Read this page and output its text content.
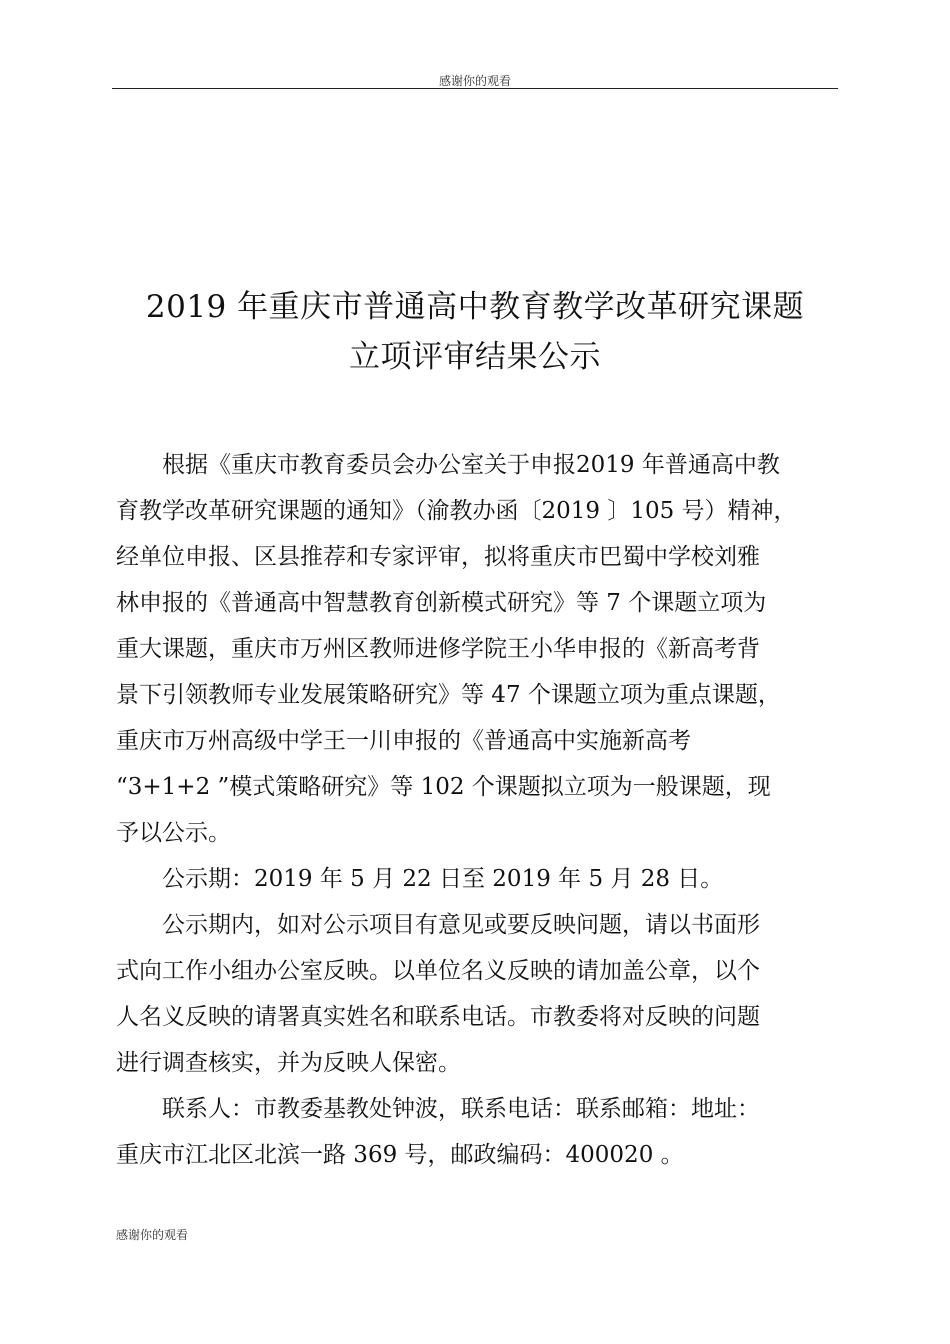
感谢你的观看
2019 年重庆市普通高中教育教学改革研究课题
立项评审结果公示
　　根据《重庆市教育委员会办公室关于申报2019 年普通高中教
育教学改革研究课题的通知》（渝教办函〔2019 〕105 号）精神，
经单位申报、区县推荐和专家评审，拟将重庆市巴蜀中学校刘雅
林申报的《普通高中智慧教育创新模式研究》等 7 个课题立项为
重大课题，重庆市万州区教师进修学院王小华申报的《新高考背
景下引领教师专业发展策略研究》等 47 个课题立项为重点课题，
重庆市万州高级中学王一川申报的《普通高中实施新高考
“3+1+2 ”模式策略研究》等 102 个课题拟立项为一般课题，现
予以公示。
　　公示期：2019 年 5 月 22 日至 2019 年 5 月 28 日。
　　公示期内，如对公示项目有意见或要反映问题，请以书面形
式向工作小组办公室反映。以单位名义反映的请加盖公章，以个
人名义反映的请署真实姓名和联系电话。市教委将对反映的问题
进行调查核实，并为反映人保密。
　　联系人：市教委基教处钟波，联系电话：联系邮箱：地址：
重庆市江北区北滨一路 369 号，邮政编码：400020 。
感谢你的观看
